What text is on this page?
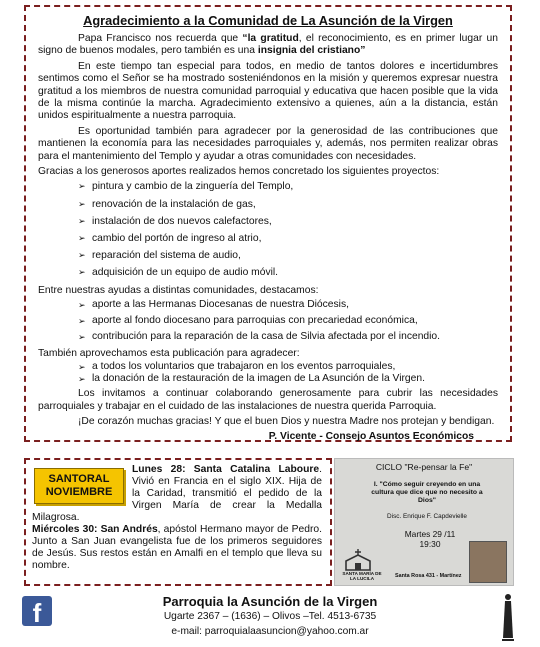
Agradecimiento a la Comunidad de La Asunción de la Virgen

Papa Francisco nos recuerda que “la gratitud, el reconocimiento, es en primer lugar un signo de buenos modales, pero también es una insignia del cristiano”

En este tiempo tan especial para todos, en medio de tantos dolores e incertidumbres sentimos como el Señor se ha mostrado sosteniéndonos en la misión y queremos expresar nuestra gratitud a los miembros de nuestra comunidad parroquial y educativa que hacen posible que la vida de la misma continúe la marcha. Agradecimiento extensivo a quienes, aún a la distancia, están unidos espiritualmente a nuestra parroquia.

Es oportunidad también para agradecer por la generosidad de las contribuciones que mantienen la economía para las necesidades parroquiales y, además, nos permiten realizar obras para el mantenimiento del Templo y ayudar a otras comunidades con necesidades.

Gracias a los generosos aportes realizados hemos concretado los siguientes proyectos:

➢ pintura y cambio de la zinguería del Templo,
➢ renovación de la instalación de gas,
➢ instalación de dos nuevos calefactores,
➢ cambio del portón de ingreso al atrio,
➢ reparación del sistema de audio,
➢ adquisición de un equipo de audio móvil.

Entre nuestras ayudas a distintas comunidades, destacamos:

➢ aporte a las Hermanas Diocesanas de nuestra Diócesis,
➢ aporte al fondo diocesano para parroquias con precariedad económica,
➢ contribución para la reparación de la casa de Silvia afectada por el incendio.

También aprovechamos esta publicación para agradecer:

➢ a todos los voluntarios que trabajaron en los eventos parroquiales,
➢ la donación de la restauración de la imagen de La Asunción de la Virgen.

Los invitamos a continuar colaborando generosamente para cubrir las necesidades parroquiales y trabajar en el cuidado de las instalaciones de nuestra querida Parroquia.

¡De corazón muchas gracias! Y que el buen Dios y nuestra Madre nos protejan y bendigan.

P. Vicente - Consejo Asuntos Económicos

SANTORAL
NOVIEMBRE
Lunes 28: Santa Catalina Laboure. Vivió en Francia en el siglo XIX. Hija de la Caridad, transmitió el pedido de la Virgen María de crear la Medalla Milagrosa.
Miércoles 30: San Andrés, apóstol Hermano mayor de Pedro. Junto a San Juan evangelista fue de los primeros seguidores de Jesús. Sus restos están en Amalfi en el templo que lleva su nombre.
CICLO "Re-pensar la Fe"
I. "Cómo seguir creyendo en una cultura que dice que no necesito a Dios"
Disc. Enrique F. Capdevielle
Martes 29 /11
19:30
SANTA MARÍA DE LA LUCILA	Santa Rosa 431 - Martínez
f	Parroquia la Asunción de la Virgen
Ugarte 2367 – (1636) – Olivos –Tel. 4513-6735
e-mail: parroquialaasuncion@yahoo.com.ar
